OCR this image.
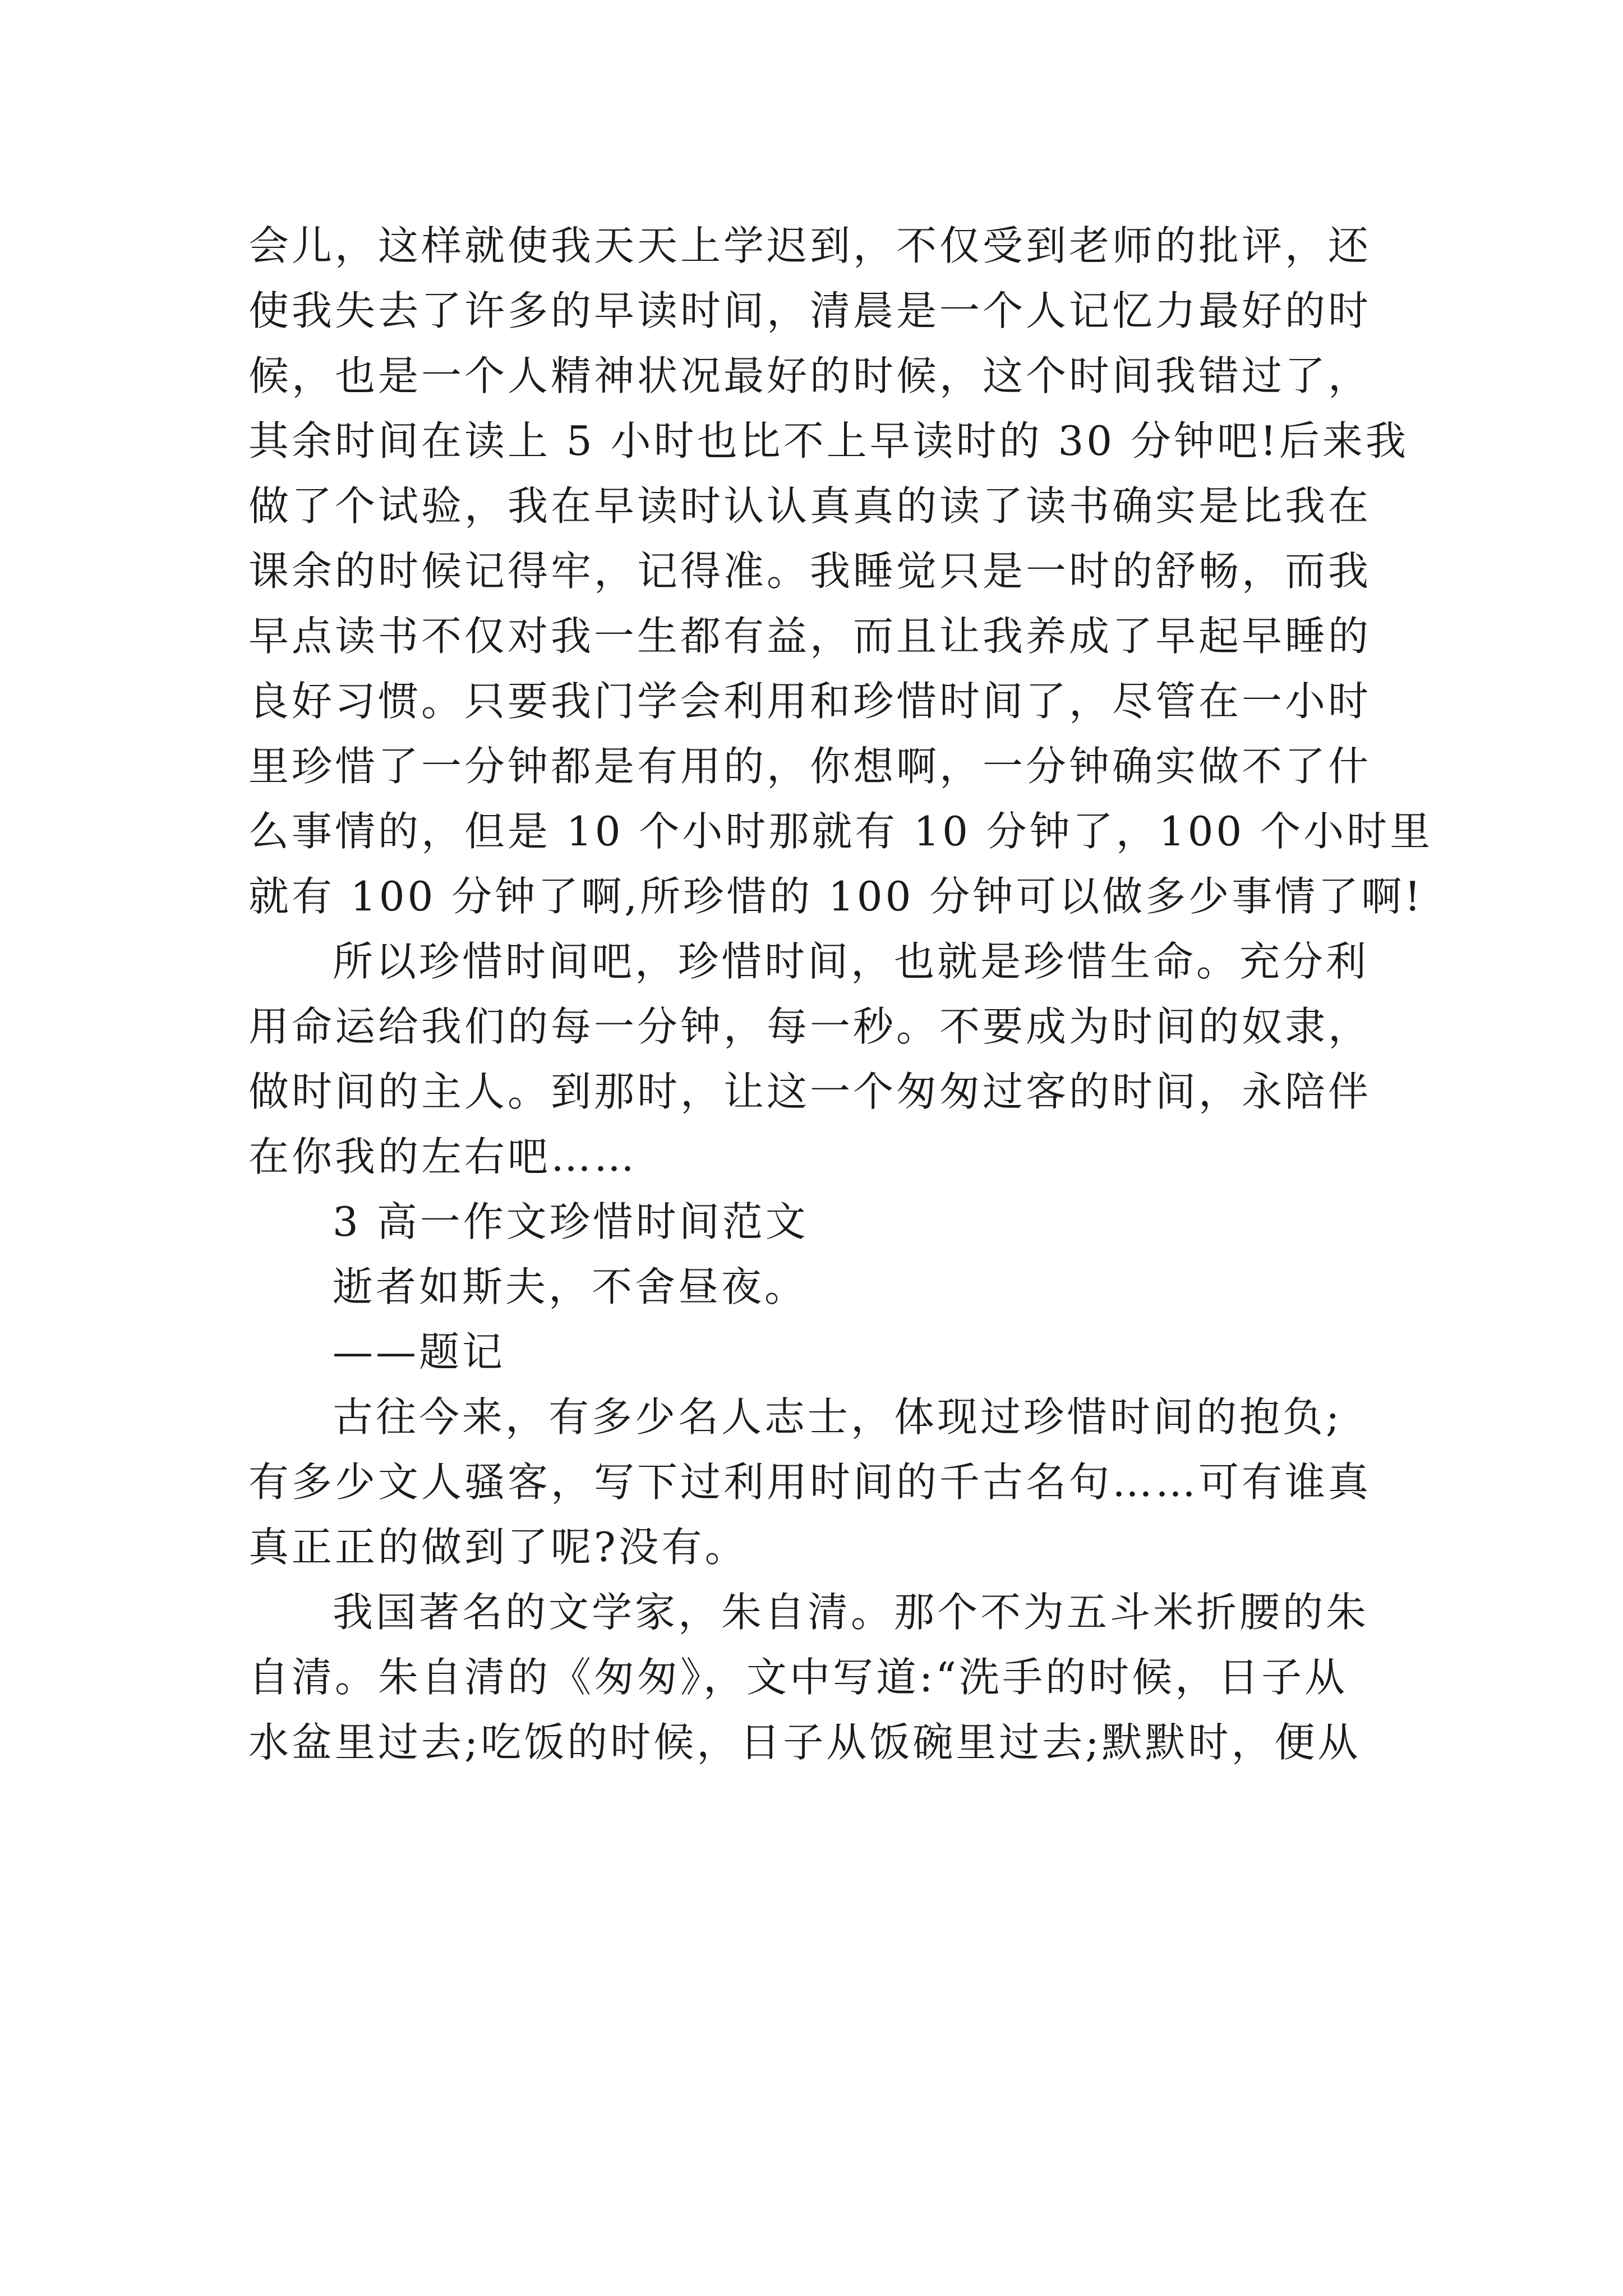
会儿，这样就使我天天上学迟到，不仅受到老师的批评，还
使我失去了许多的早读时间，清晨是一个人记忆力最好的时
候，也是一个人精神状况最好的时候，这个时间我错过了，
其余时间在读上 5 小时也比不上早读时的 30 分钟吧!后来我
做了个试验，我在早读时认认真真的读了读书确实是比我在
课余的时候记得牢，记得准。我睡觉只是一时的舒畅，而我
早点读书不仅对我一生都有益，而且让我养成了早起早睡的
良好习惯。只要我门学会利用和珍惜时间了，尽管在一小时
里珍惜了一分钟都是有用的，你想啊，一分钟确实做不了什
么事情的，但是 10 个小时那就有 10 分钟了，100 个小时里
就有 100 分钟了啊,所珍惜的 100 分钟可以做多少事情了啊!
所以珍惜时间吧，珍惜时间，也就是珍惜生命。充分利
用命运给我们的每一分钟，每一秒。不要成为时间的奴隶，
做时间的主人。到那时，让这一个匆匆过客的时间，永陪伴
在你我的左右吧……
3 高一作文珍惜时间范文
逝者如斯夫，不舍昼夜。
——题记
古往今来，有多少名人志士，体现过珍惜时间的抱负;
有多少文人骚客，写下过利用时间的千古名句……可有谁真
真正正的做到了呢?没有。
我国著名的文学家，朱自清。那个不为五斗米折腰的朱
自清。朱自清的《匆匆》，文中写道:“洗手的时候，日子从
水盆里过去;吃饭的时候，日子从饭碗里过去;默默时，便从
